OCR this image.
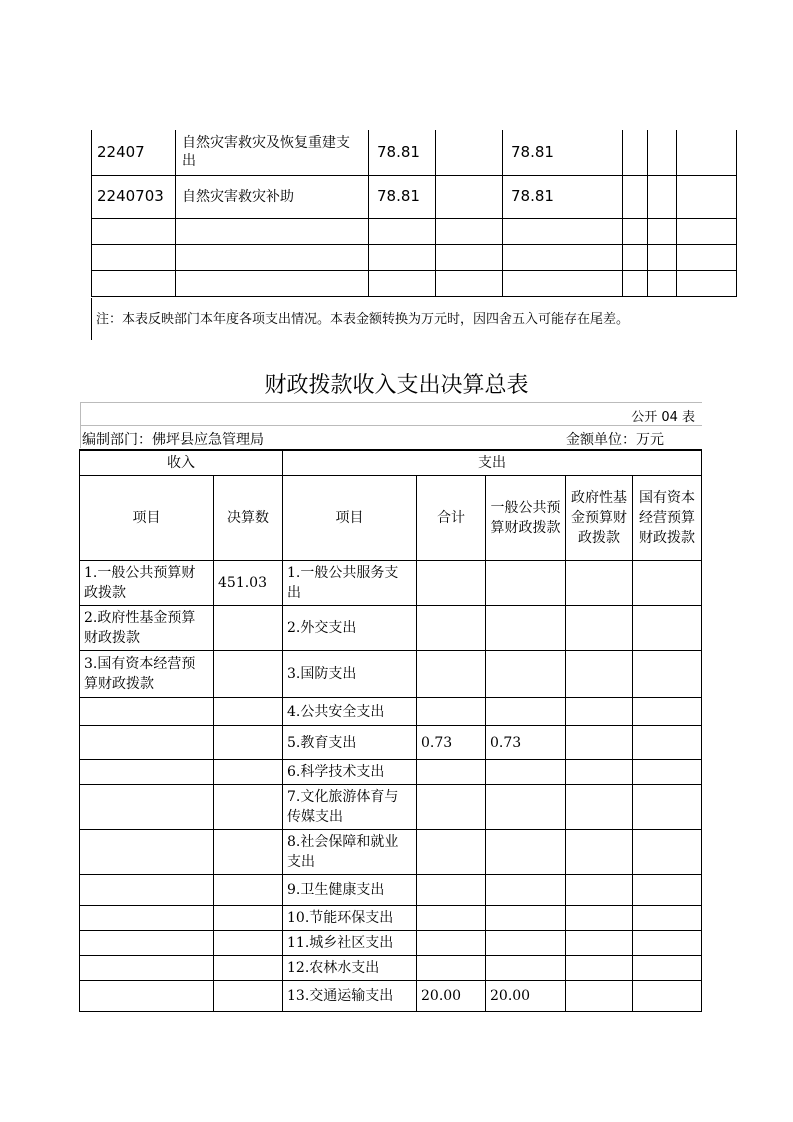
22407	自然灾害救灾及恢复重建支出	78.81		78.81			
2240703	自然灾害救灾补助	78.81		78.81			

注：本表反映部门本年度各项支出情况。本表金额转换为万元时，因四舍五入可能存在尾差。
财政拨款收入支出决算总表
公开 04 表
编制部门：佛坪县应急管理局	金额单位：万元
收入		支出				
项目	决算数	项目	合计	一般公共预算财政拨款	政府性基金预算财政拨款	国有资本经营预算财政拨款
1.一般公共预算财政拨款	451.03	1.一般公共服务支出				
2.政府性基金预算财政拨款		2.外交支出				
3.国有资本经营预算财政拨款		3.国防支出				
		4.公共安全支出				
		5.教育支出	0.73	0.73		
		6.科学技术支出				
		7.文化旅游体育与传媒支出				
		8.社会保障和就业支出				
		9.卫生健康支出				
		10.节能环保支出				
		11.城乡社区支出				
		12.农林水支出				
		13.交通运输支出	20.00	20.00		
